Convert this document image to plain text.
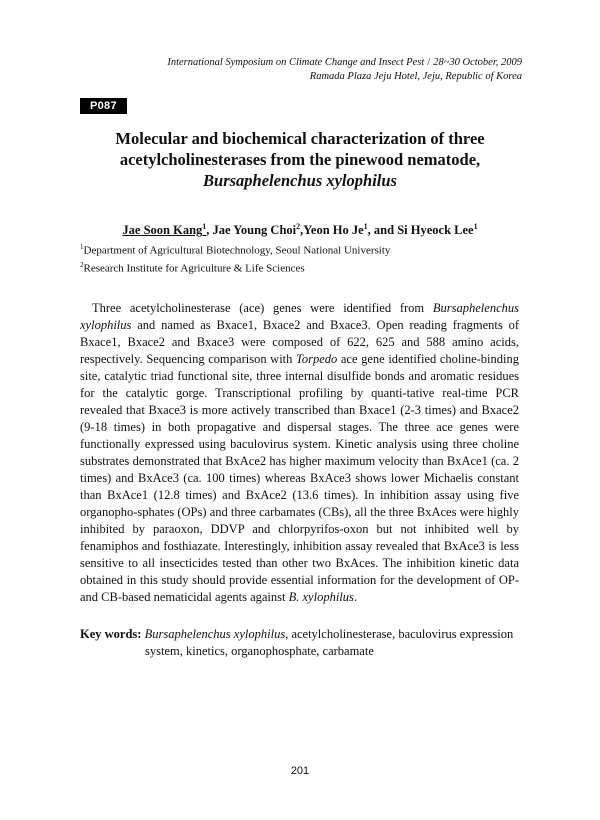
International Symposium on Climate Change and Insect Pest / 28~30 October, 2009
Ramada Plaza Jeju Hotel, Jeju, Republic of Korea
P087
Molecular and biochemical characterization of three
acetylcholinesterases from the pinewood nematode,
Bursaphelenchus xylophilus
Jae Soon Kang$^1$, Jae Young Choi$^2$,Yeon Ho Je$^1$, and Si Hyeock Lee$^1$
$^1$Department of Agricultural Biotechnology, Seoul National University
$^2$Research Institute for Agriculture & Life Sciences
Three acetylcholinesterase (ace) genes were identified from Bursaphelenchus xylophilus and named as Bxace1, Bxace2 and Bxace3. Open reading fragments of Bxace1, Bxace2 and Bxace3 were composed of 622, 625 and 588 amino acids, respectively. Sequencing comparison with Torpedo ace gene identified choline-binding site, catalytic triad functional site, three internal disulfide bonds and aromatic residues for the catalytic gorge. Transcriptional profiling by quanti-tative real-time PCR revealed that Bxace3 is more actively transcribed than Bxace1 (2-3 times) and Bxace2 (9-18 times) in both propagative and dispersal stages. The three ace genes were functionally expressed using baculovirus system. Kinetic analysis using three choline substrates demonstrated that BxAce2 has higher maximum velocity than BxAce1 (ca. 2 times) and BxAce3 (ca. 100 times) whereas BxAce3 shows lower Michaelis constant than BxAce1 (12.8 times) and BxAce2 (13.6 times). In inhibition assay using five organopho-sphates (OPs) and three carbamates (CBs), all the three BxAces were highly inhibited by paraoxon, DDVP and chlorpyrifos-oxon but not inhibited well by fenamiphos and fosthiazate. Interestingly, inhibition assay revealed that BxAce3 is less sensitive to all insecticides tested than other two BxAces. The inhibition kinetic data obtained in this study should provide essential information for the development of OP- and CB-based nematicidal agents against B. xylophilus.
Key words: Bursaphelenchus xylophilus, acetylcholinesterase, baculovirus expression system, kinetics, organophosphate, carbamate
201
